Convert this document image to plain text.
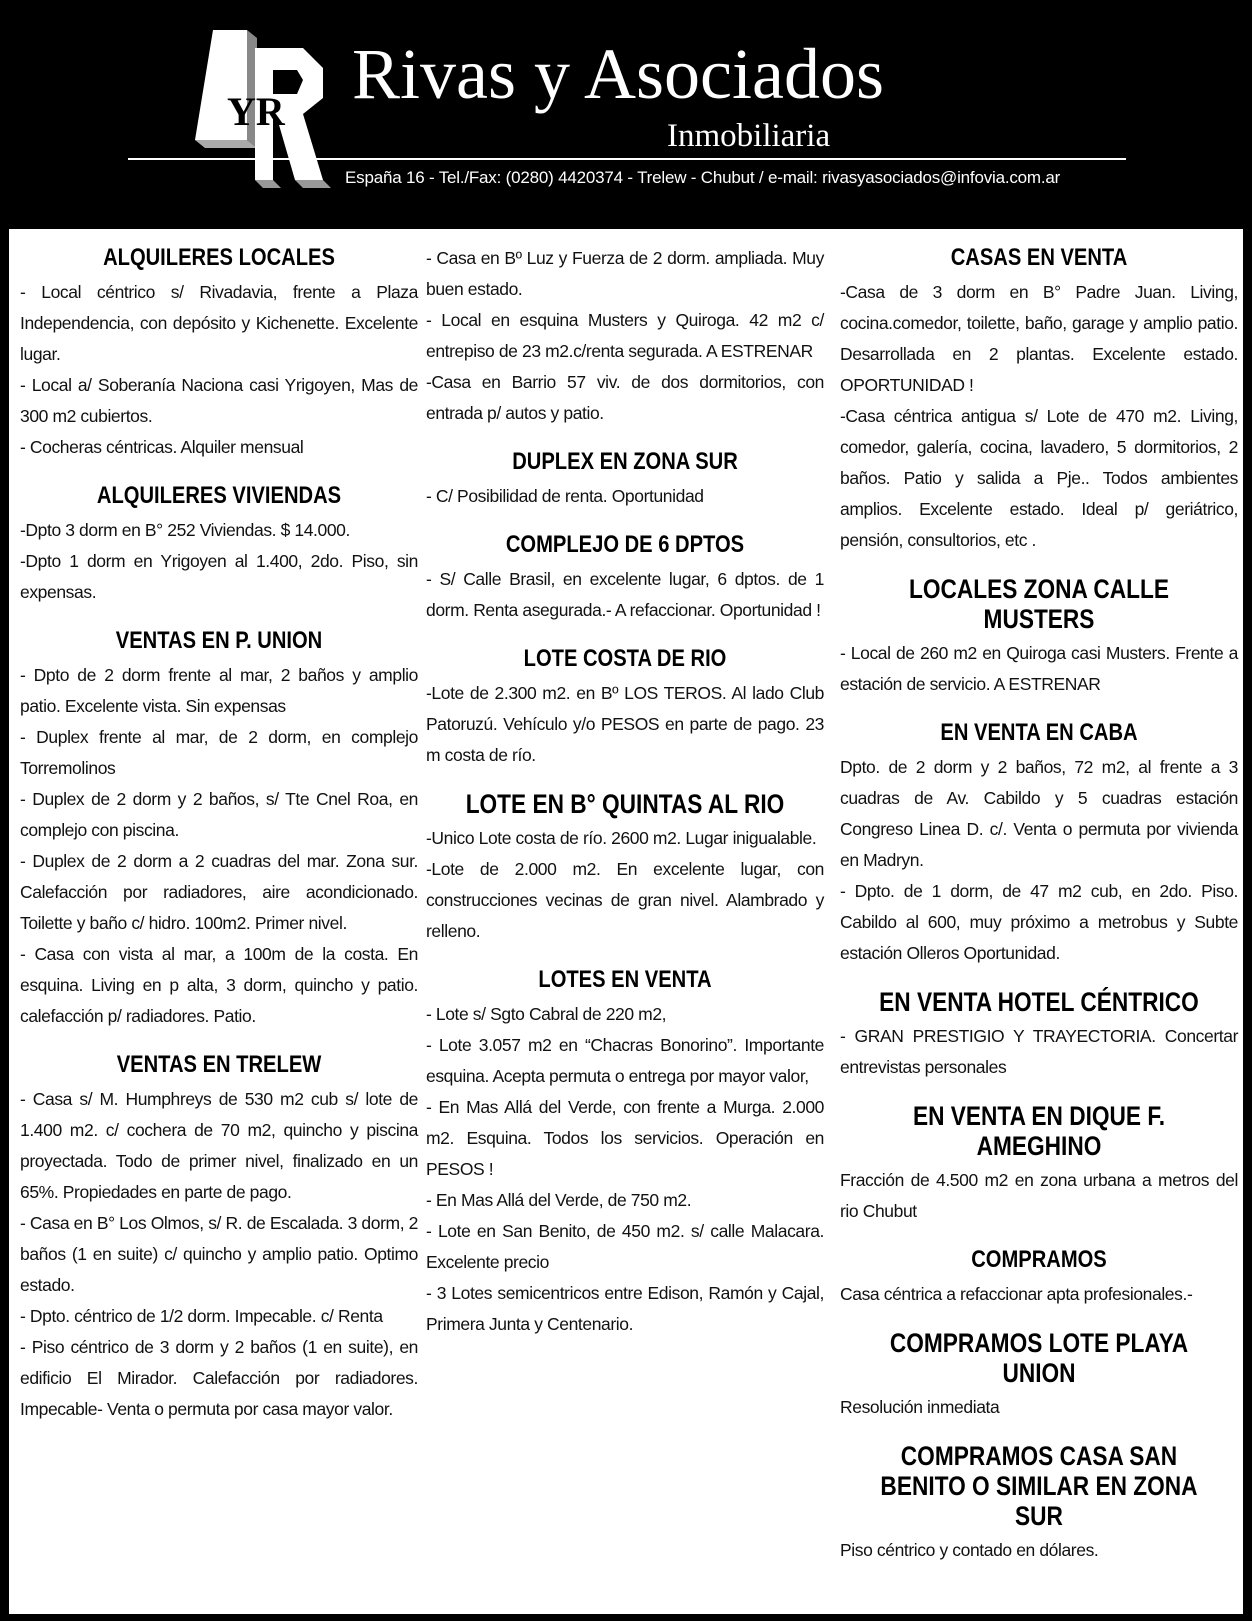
YR Rivas y Asociados
Inmobiliaria
España 16 - Tel./Fax: (0280) 4420374 - Trelew - Chubut / e-mail: rivasyasociados@infovia.com.ar
ALQUILERES LOCALES
- Local céntrico s/ Rivadavia, frente a Plaza Independencia, con depósito y Kichenette. Excelente lugar.
- Local a/ Soberanía Naciona casi Yrigoyen, Mas de 300 m2 cubiertos.
- Cocheras céntricas. Alquiler mensual
ALQUILERES VIVIENDAS
-Dpto 3 dorm en B° 252 Viviendas. $ 14.000.
-Dpto 1 dorm en Yrigoyen al 1.400, 2do. Piso, sin expensas.
VENTAS EN P. UNION
- Dpto de 2 dorm frente al mar, 2 baños y amplio patio. Excelente vista. Sin expensas
- Duplex frente al mar, de 2 dorm, en complejo Torremolinos
- Duplex de 2 dorm y 2 baños, s/ Tte Cnel Roa, en complejo con piscina.
- Duplex de 2 dorm a 2 cuadras del mar. Zona sur. Calefacción por radiadores, aire acondicionado. Toilette y baño c/ hidro. 100m2. Primer nivel.
- Casa con vista al mar, a 100m de la costa. En esquina. Living en p alta, 3 dorm, quincho y patio. calefacción p/ radiadores. Patio.
VENTAS EN TRELEW
- Casa s/ M. Humphreys de 530 m2 cub s/ lote de 1.400 m2. c/ cochera de 70 m2, quincho y piscina proyectada. Todo de primer nivel, finalizado en un 65%. Propiedades en parte de pago.
- Casa en B° Los Olmos, s/ R. de Escalada. 3 dorm, 2 baños (1 en suite) c/ quincho y amplio patio. Optimo estado.
- Dpto. céntrico de 1/2 dorm. Impecable. c/ Renta
- Piso céntrico de 3 dorm y 2 baños (1 en suite), en edificio El Mirador. Calefacción por radiadores. Impecable- Venta o permuta por casa mayor valor.
- Casa en Bº Luz y Fuerza de 2 dorm. ampliada. Muy buen estado.
- Local en esquina Musters y Quiroga. 42 m2 c/ entrepiso de 23 m2.c/renta segurada. A ESTRENAR
-Casa en Barrio 57 viv. de dos dormitorios, con entrada p/ autos y patio.
DUPLEX EN ZONA SUR
- C/ Posibilidad de renta. Oportunidad
COMPLEJO DE 6 DPTOS
- S/ Calle Brasil, en excelente lugar, 6 dptos. de 1 dorm. Renta asegurada.- A refaccionar. Oportunidad !
LOTE COSTA DE RIO
-Lote de 2.300 m2. en Bº LOS TEROS. Al lado Club Patoruzú. Vehículo y/o PESOS en parte de pago. 23 m costa de río.
LOTE EN B° QUINTAS AL RIO
-Unico Lote costa de río. 2600 m2. Lugar inigualable.
-Lote de 2.000 m2. En excelente lugar, con construcciones vecinas de gran nivel. Alambrado y relleno.
LOTES EN VENTA
- Lote s/ Sgto Cabral de 220 m2,
- Lote 3.057 m2 en “Chacras Bonorino”. Importante esquina. Acepta permuta o entrega por mayor valor,
- En Mas Allá del Verde, con frente a Murga. 2.000 m2. Esquina. Todos los servicios. Operación en PESOS !
- En Mas Allá del Verde, de 750 m2.
- Lote en San Benito, de 450 m2. s/ calle Malacara. Excelente precio
- 3 Lotes semicentricos entre Edison, Ramón y Cajal, Primera Junta y Centenario.
CASAS EN VENTA
-Casa de 3 dorm en B° Padre Juan. Living, cocina.comedor, toilette, baño, garage y amplio patio. Desarrollada en 2 plantas. Excelente estado. OPORTUNIDAD !
-Casa céntrica antigua s/ Lote de 470 m2. Living, comedor, galería, cocina, lavadero, 5 dormitorios, 2 baños. Patio y salida a Pje.. Todos ambientes amplios. Excelente estado. Ideal p/ geriátrico, pensión, consultorios, etc .
LOCALES ZONA CALLE MUSTERS
- Local de 260 m2 en Quiroga casi Musters. Frente a estación de servicio. A ESTRENAR
EN VENTA EN CABA
Dpto. de 2 dorm y 2 baños, 72 m2, al frente a 3 cuadras de Av. Cabildo y 5 cuadras estación Congreso Linea D. c/. Venta o permuta por vivienda en Madryn.
- Dpto. de 1 dorm, de 47 m2 cub, en 2do. Piso. Cabildo al 600, muy próximo a metrobus y Subte estación Olleros Oportunidad.
EN VENTA HOTEL CÉNTRICO
- GRAN PRESTIGIO Y TRAYECTORIA. Concertar entrevistas personales
EN VENTA EN DIQUE F. AMEGHINO
Fracción de 4.500 m2 en zona urbana a metros del rio Chubut
COMPRAMOS
Casa céntrica a refaccionar apta profesionales.-
COMPRAMOS LOTE PLAYA UNION
Resolución inmediata
COMPRAMOS CASA SAN BENITO O SIMILAR EN ZONA SUR
Piso céntrico y contado en dólares.
